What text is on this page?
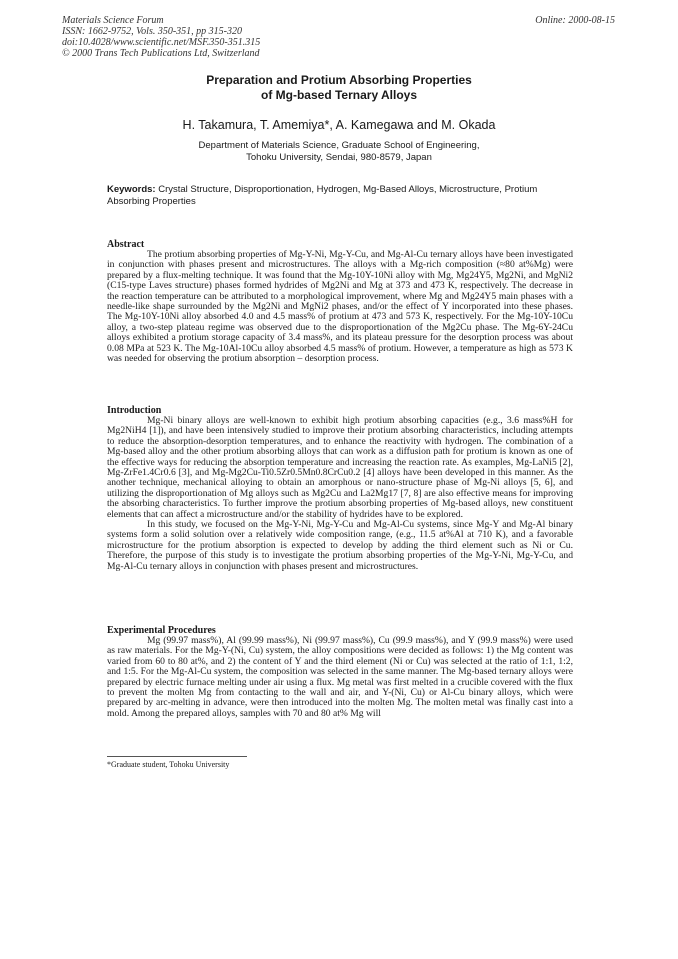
Materials Science Forum
ISSN: 1662-9752, Vols. 350-351, pp 315-320
doi:10.4028/www.scientific.net/MSF.350-351.315
© 2000 Trans Tech Publications Ltd, Switzerland
Online: 2000-08-15
Preparation and Protium Absorbing Properties
of Mg-based Ternary Alloys
H. Takamura, T. Amemiya*, A. Kamegawa and M. Okada
Department of Materials Science, Graduate School of Engineering,
Tohoku University, Sendai, 980-8579, Japan
Keywords: Crystal Structure, Disproportionation, Hydrogen, Mg-Based Alloys, Microstructure, Protium Absorbing Properties
Abstract

The protium absorbing properties of Mg-Y-Ni, Mg-Y-Cu, and Mg-Al-Cu ternary alloys have been investigated in conjunction with phases present and microstructures. The alloys with a Mg-rich composition (≈80 at%Mg) were prepared by a flux-melting technique. It was found that the Mg-10Y-10Ni alloy with Mg, Mg24Y5, Mg2Ni, and MgNi2 (C15-type Laves structure) phases formed hydrides of Mg2Ni and Mg at 373 and 473 K, respectively. The decrease in the reaction temperature can be attributed to a morphological improvement, where Mg and Mg24Y5 main phases with a needle-like shape surrounded by the Mg2Ni and MgNi2 phases, and/or the effect of Y incorporated into these phases. The Mg-10Y-10Ni alloy absorbed 4.0 and 4.5 mass% of protium at 473 and 573 K, respectively. For the Mg-10Y-10Cu alloy, a two-step plateau regime was observed due to the disproportionation of the Mg2Cu phase. The Mg-6Y-24Cu alloys exhibited a protium storage capacity of 3.4 mass%, and its plateau pressure for the desorption process was about 0.08 MPa at 523 K. The Mg-10Al-10Cu alloy absorbed 4.5 mass% of protium. However, a temperature as high as 573 K was needed for observing the protium absorption – desorption process.

Introduction

Mg-Ni binary alloys are well-known to exhibit high protium absorbing capacities (e.g., 3.6 mass%H for Mg2NiH4 [1]), and have been intensively studied to improve their protium absorbing characteristics, including attempts to reduce the absorption-desorption temperatures, and to enhance the reactivity with hydrogen. The combination of a Mg-based alloy and the other protium absorbing alloys that can work as a diffusion path for protium is known as one of the effective ways for reducing the absorption temperature and increasing the reaction rate. As examples, Mg-LaNi5 [2], Mg-ZrFe1.4Cr0.6 [3], and Mg-Mg2Cu-Ti0.5Zr0.5Mn0.8CrCu0.2 [4] alloys have been developed in this manner. As the another technique, mechanical alloying to obtain an amorphous or nano-structure phase of Mg-Ni alloys [5, 6], and utilizing the disproportionation of Mg alloys such as Mg2Cu and La2Mg17 [7, 8] are also effective means for improving the absorbing characteristics. To further improve the protium absorbing properties of Mg-based alloys, new constituent elements that can affect a microstructure and/or the stability of hydrides have to be explored.

In this study, we focused on the Mg-Y-Ni, Mg-Y-Cu and Mg-Al-Cu systems, since Mg-Y and Mg-Al binary systems form a solid solution over a relatively wide composition range, (e.g., 11.5 at%Al at 710 K), and a favorable microstructure for the protium absorption is expected to develop by adding the third element such as Ni or Cu. Therefore, the purpose of this study is to investigate the protium absorbing properties of the Mg-Y-Ni, Mg-Y-Cu, and Mg-Al-Cu ternary alloys in conjunction with phases present and microstructures.

Experimental Procedures

Mg (99.97 mass%), Al (99.99 mass%), Ni (99.97 mass%), Cu (99.9 mass%), and Y (99.9 mass%) were used as raw materials. For the Mg-Y-(Ni, Cu) system, the alloy compositions were decided as follows: 1) the Mg content was varied from 60 to 80 at%, and 2) the content of Y and the third element (Ni or Cu) was selected at the ratio of 1:1, 1:2, and 1:5. For the Mg-Al-Cu system, the composition was selected in the same manner. The Mg-based ternary alloys were prepared by electric furnace melting under air using a flux. Mg metal was first melted in a crucible covered with the flux to prevent the molten Mg from contacting to the wall and air, and Y-(Ni, Cu) or Al-Cu binary alloys, which were prepared by arc-melting in advance, were then introduced into the molten Mg. The molten metal was finally cast into a mold. Among the prepared alloys, samples with 70 and 80 at% Mg will

*Graduate student, Tohoku University
